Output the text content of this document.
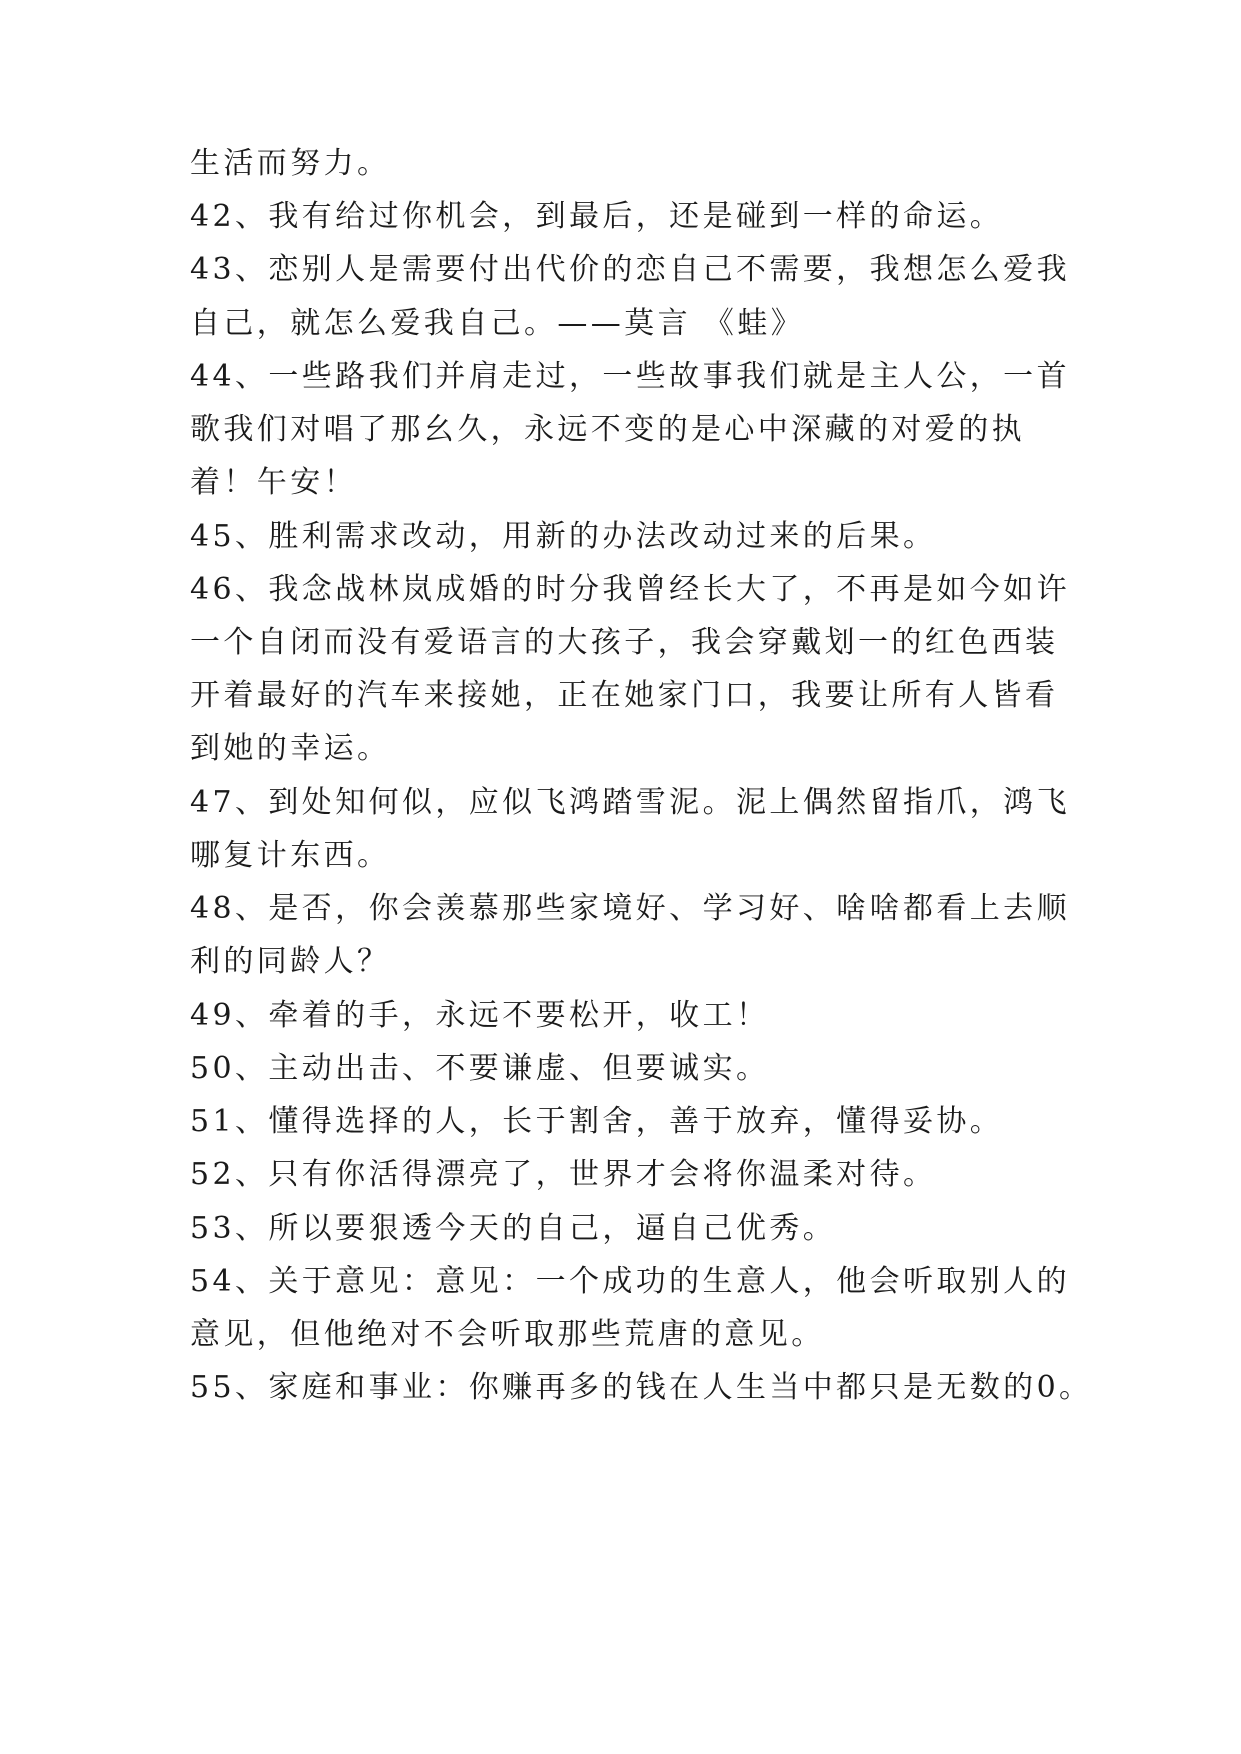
生活而努力。
42、我有给过你机会，到最后，还是碰到一样的命运。
43、恋别人是需要付出代价的恋自己不需要，我想怎么爱我
自己，就怎么爱我自己。——莫言 《蛙》
44、一些路我们并肩走过，一些故事我们就是主人公，一首
歌我们对唱了那幺久，永远不变的是心中深藏的对爱的执
着！午安！
45、胜利需求改动，用新的办法改动过来的后果。
46、我念战林岚成婚的时分我曾经长大了，不再是如今如许
一个自闭而没有爱语言的大孩子，我会穿戴划一的红色西装
开着最好的汽车来接她，正在她家门口，我要让所有人皆看
到她的幸运。
47、到处知何似，应似飞鸿踏雪泥。泥上偶然留指爪，鸿飞
哪复计东西。
48、是否，你会羡慕那些家境好、学习好、啥啥都看上去顺
利的同龄人？
49、牵着的手，永远不要松开，收工！
50、主动出击、不要谦虚、但要诚实。
51、懂得选择的人，长于割舍，善于放弃，懂得妥协。
52、只有你活得漂亮了，世界才会将你温柔对待。
53、所以要狠透今天的自己，逼自己优秀。
54、关于意见：意见：一个成功的生意人，他会听取别人的
意见，但他绝对不会听取那些荒唐的意见。
55、家庭和事业：你赚再多的钱在人生当中都只是无数的0。
